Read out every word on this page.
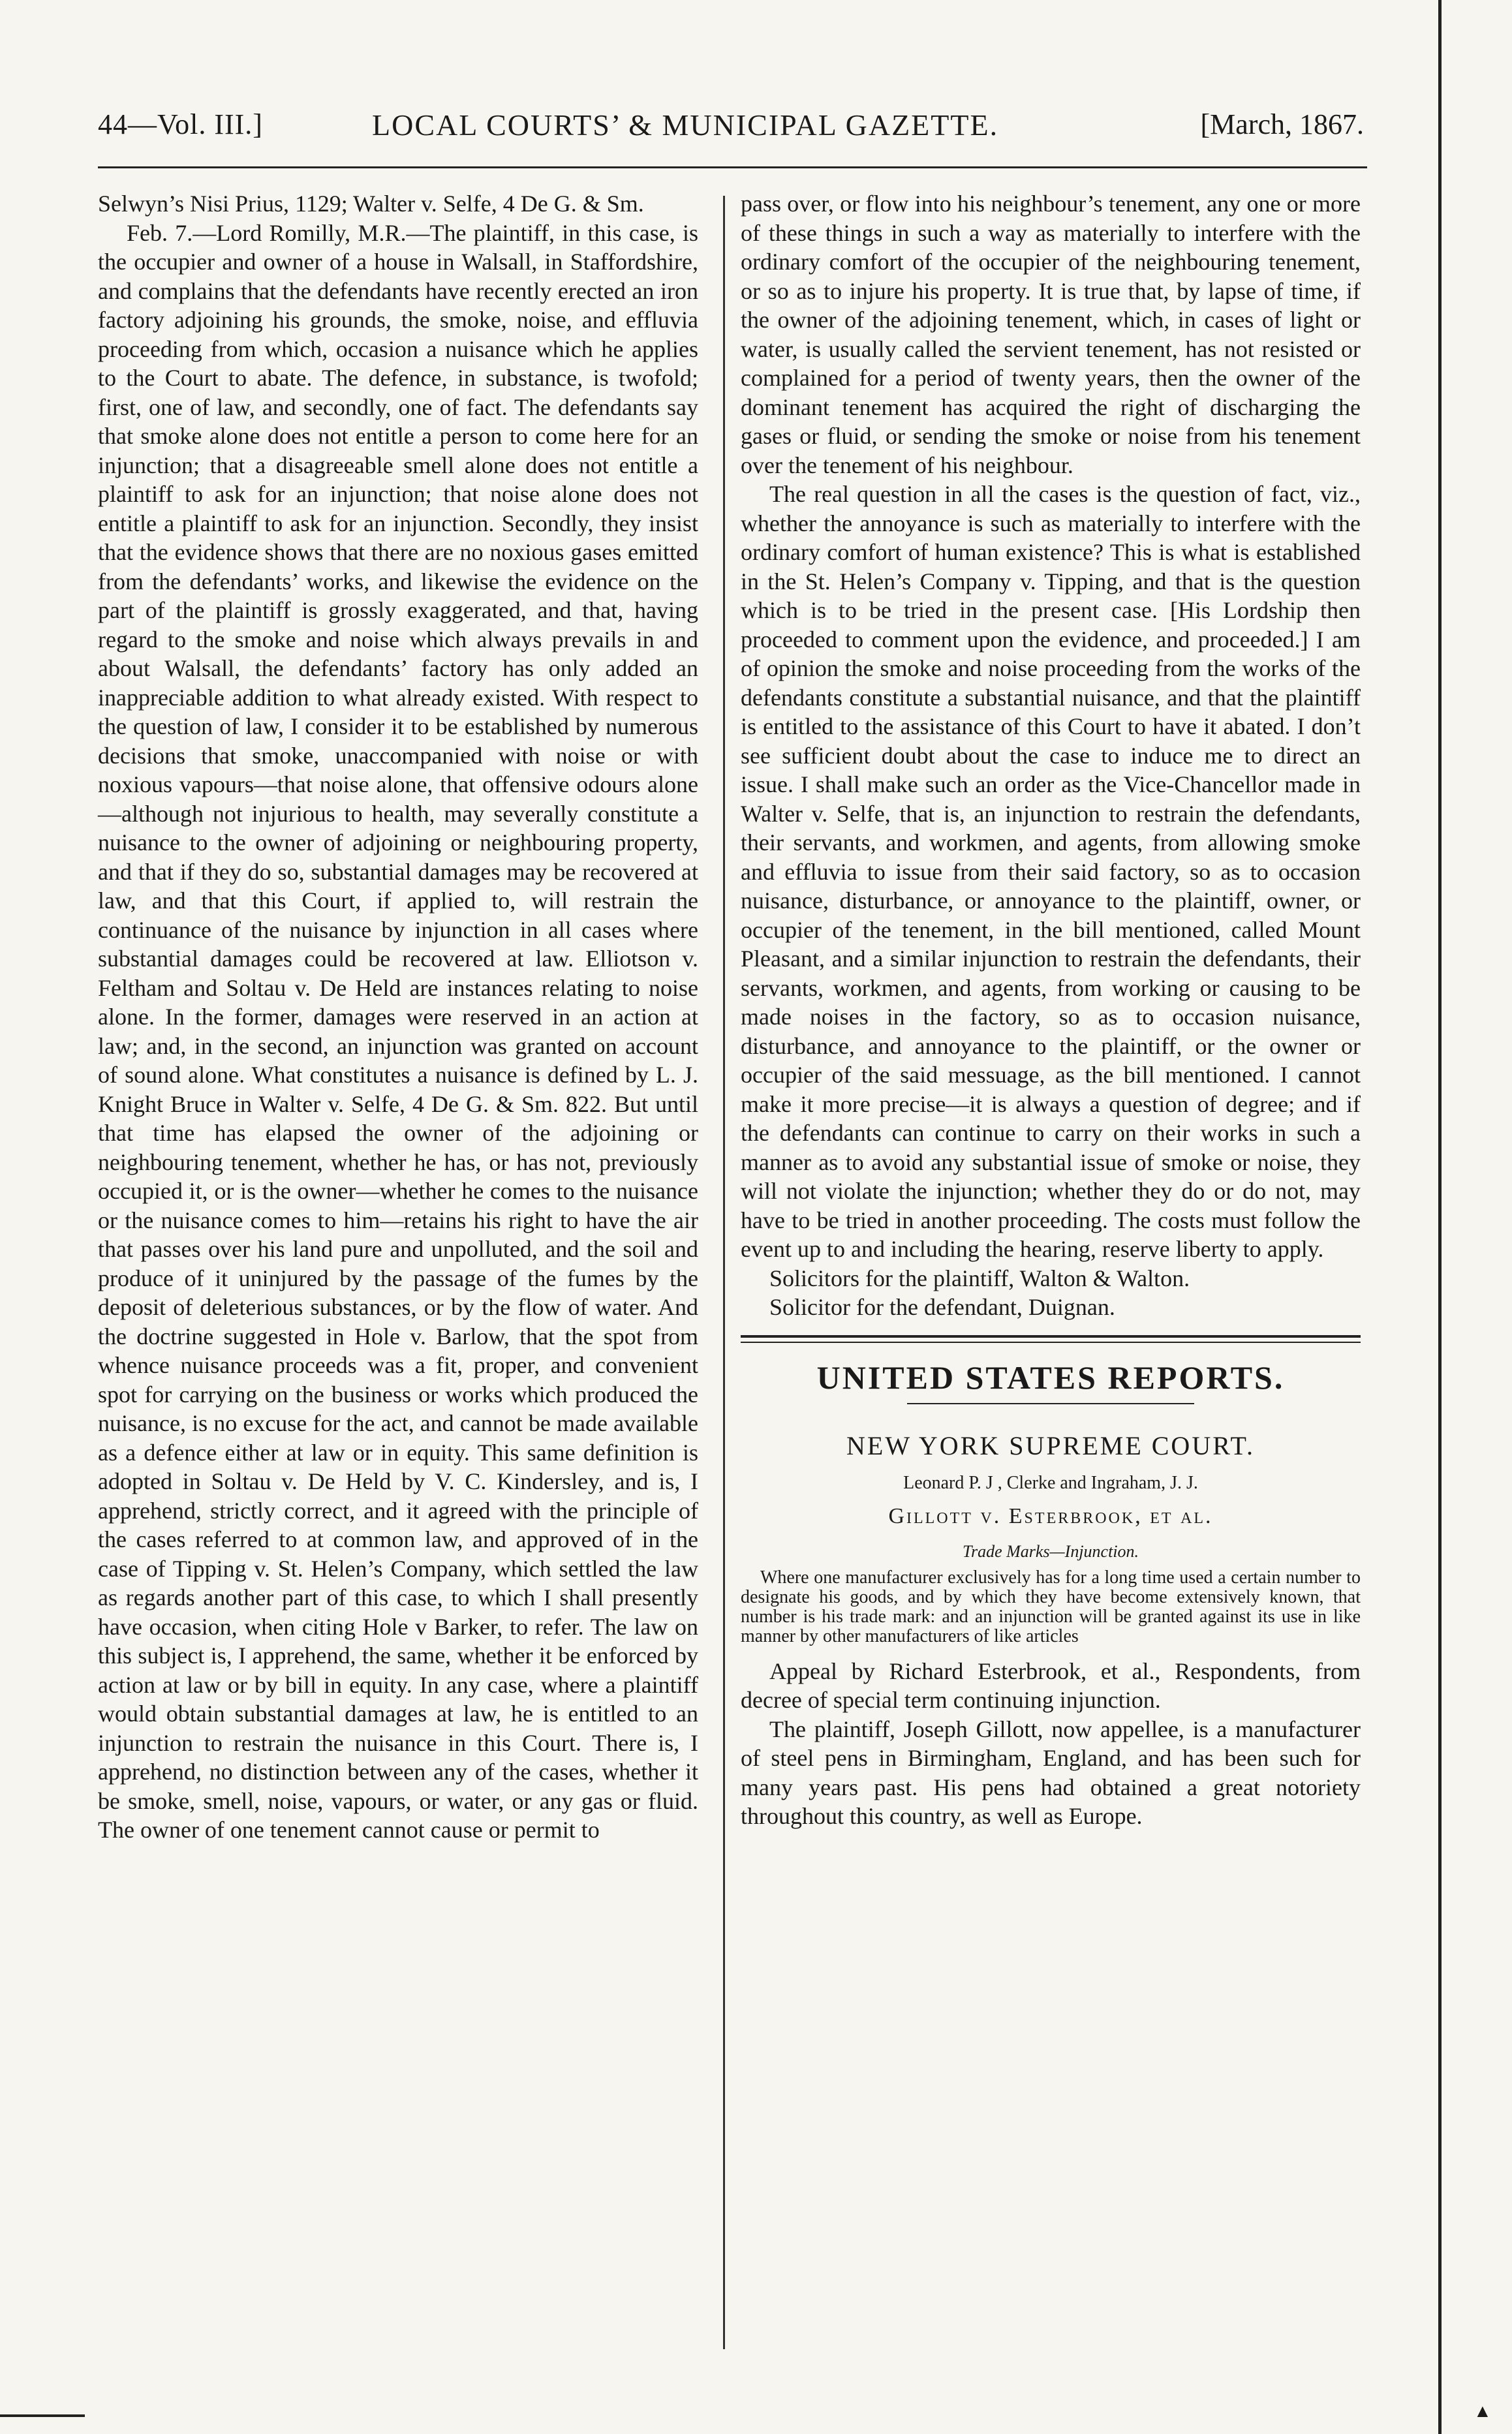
44—Vol. III.]	LOCAL COURTS’ & MUNICIPAL GAZETTE.	[March, 1867.

Selwyn’s Nisi Prius, 1129; Walter v. Selfe, 4 De G. & Sm.

Feb. 7.—Lord Romilly, M.R.—The plaintiff, in this case, is the occupier and owner of a house in Walsall, in Staffordshire, and complains that the defendants have recently erected an iron factory adjoining his grounds, the smoke, noise, and effluvia proceeding from which, occasion a nuisance which he applies to the Court to abate. The defence, in substance, is twofold; first, one of law, and secondly, one of fact. The defendants say that smoke alone does not entitle a person to come here for an injunction; that a disagreeable smell alone does not entitle a plaintiff to ask for an injunction; that noise alone does not entitle a plaintiff to ask for an injunction. Secondly, they insist that the evidence shows that there are no noxious gases emitted from the defendants’ works, and likewise the evidence on the part of the plaintiff is grossly exaggerated, and that, having regard to the smoke and noise which always prevails in and about Walsall, the defendants’ factory has only added an inappreciable addition to what already existed. With respect to the question of law, I consider it to be established by numerous decisions that smoke, unaccompanied with noise or with noxious vapours—that noise alone, that offensive odours alone—although not injurious to health, may severally constitute a nuisance to the owner of adjoining or neighbouring property, and that if they do so, substantial damages may be recovered at law, and that this Court, if applied to, will restrain the continuance of the nuisance by injunction in all cases where substantial damages could be recovered at law. Elliotson v. Feltham and Soltau v. De Held are instances relating to noise alone. In the former, damages were reserved in an action at law; and, in the second, an injunction was granted on account of sound alone. What constitutes a nuisance is defined by L. J. Knight Bruce in Walter v. Selfe, 4 De G. & Sm. 822. But until that time has elapsed the owner of the adjoining or neighbouring tenement, whether he has, or has not, previously occupied it, or is the owner—whether he comes to the nuisance or the nuisance comes to him—retains his right to have the air that passes over his land pure and unpolluted, and the soil and produce of it uninjured by the passage of the fumes by the deposit of deleterious substances, or by the flow of water. And the doctrine suggested in Hole v. Barlow, that the spot from whence nuisance proceeds was a fit, proper, and convenient spot for carrying on the business or works which produced the nuisance, is no excuse for the act, and cannot be made available as a defence either at law or in equity. This same definition is adopted in Soltau v. De Held by V. C. Kindersley, and is, I apprehend, strictly correct, and it agreed with the principle of the cases referred to at common law, and approved of in the case of Tipping v. St. Helen’s Company, which settled the law as regards another part of this case, to which I shall presently have occasion, when citing Hole v Barker, to refer. The law on this subject is, I apprehend, the same, whether it be enforced by action at law or by bill in equity. In any case, where a plaintiff would obtain substantial damages at law, he is entitled to an injunction to restrain the nuisance in this Court. There is, I apprehend, no distinction between any of the cases, whether it be smoke, smell, noise, vapours, or water, or any gas or fluid. The owner of one tenement cannot cause or permit to

pass over, or flow into his neighbour’s tenement, any one or more of these things in such a way as materially to interfere with the ordinary comfort of the occupier of the neighbouring tenement, or so as to injure his property. It is true that, by lapse of time, if the owner of the adjoining tenement, which, in cases of light or water, is usually called the servient tenement, has not resisted or complained for a period of twenty years, then the owner of the dominant tenement has acquired the right of discharging the gases or fluid, or sending the smoke or noise from his tenement over the tenement of his neighbour.

The real question in all the cases is the question of fact, viz., whether the annoyance is such as materially to interfere with the ordinary comfort of human existence? This is what is established in the St. Helen’s Company v. Tipping, and that is the question which is to be tried in the present case. [His Lordship then proceeded to comment upon the evidence, and proceeded.] I am of opinion the smoke and noise proceeding from the works of the defendants constitute a substantial nuisance, and that the plaintiff is entitled to the assistance of this Court to have it abated. I don’t see sufficient doubt about the case to induce me to direct an issue. I shall make such an order as the Vice-Chancellor made in Walter v. Selfe, that is, an injunction to restrain the defendants, their servants, and workmen, and agents, from allowing smoke and effluvia to issue from their said factory, so as to occasion nuisance, disturbance, or annoyance to the plaintiff, owner, or occupier of the tenement, in the bill mentioned, called Mount Pleasant, and a similar injunction to restrain the defendants, their servants, workmen, and agents, from working or causing to be made noises in the factory, so as to occasion nuisance, disturbance, and annoyance to the plaintiff, or the owner or occupier of the said messuage, as the bill mentioned. I cannot make it more precise—it is always a question of degree; and if the defendants can continue to carry on their works in such a manner as to avoid any substantial issue of smoke or noise, they will not violate the injunction; whether they do or do not, may have to be tried in another proceeding. The costs must follow the event up to and including the hearing, reserve liberty to apply.

Solicitors for the plaintiff, Walton & Walton.

Solicitor for the defendant, Duignan.

UNITED STATES REPORTS.
NEW YORK SUPREME COURT.
Leonard P. J , Clerke and Ingraham, J. J.
Gillott v. Esterbrook, et al.
Trade Marks—Injunction.
Where one manufacturer exclusively has for a long time used a certain number to designate his goods, and by which they have become extensively known, that number is his trade mark: and an injunction will be granted against its use in like manner by other manufacturers of like articles

Appeal by Richard Esterbrook, et al., Respondents, from decree of special term continuing injunction.

The plaintiff, Joseph Gillott, now appellee, is a manufacturer of steel pens in Birmingham, England, and has been such for many years past. His pens had obtained a great notoriety throughout this country, as well as Europe.

▲
